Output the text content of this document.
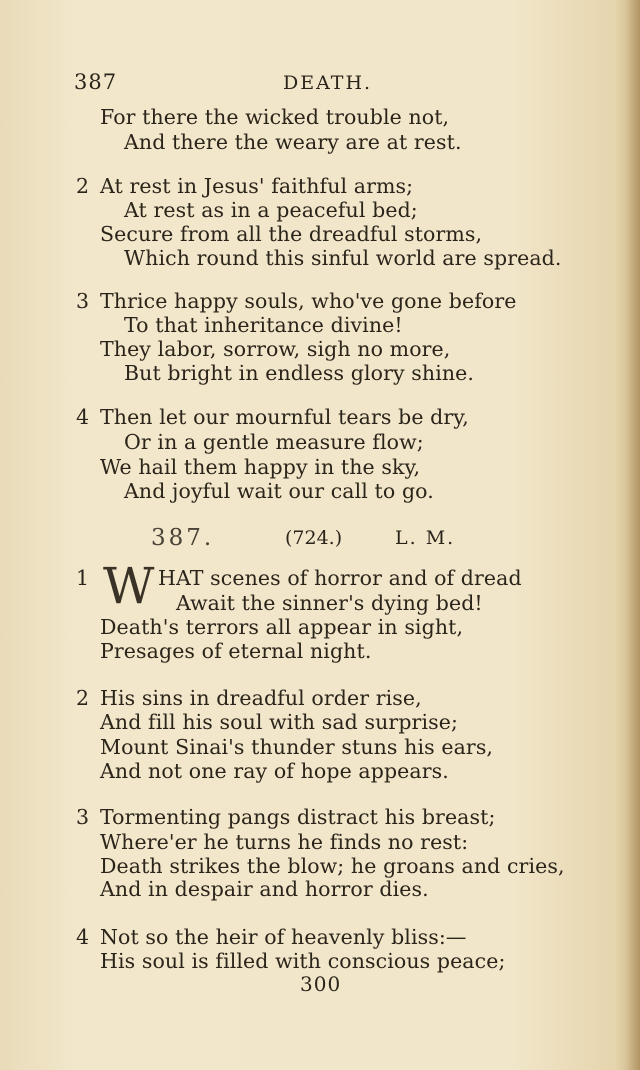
387	DEATH.
For there the wicked trouble not,
And there the weary are at rest.
2 At rest in Jesus' faithful arms;
At rest as in a peaceful bed;
Secure from all the dreadful storms,
Which round this sinful world are spread.
3 Thrice happy souls, who've gone before
To that inheritance divine!
They labor, sorrow, sigh no more,
But bright in endless glory shine.
4 Then let our mournful tears be dry,
Or in a gentle measure flow;
We hail them happy in the sky,
And joyful wait our call to go.
387.	(724.)	L. M.
1 W HAT scenes of horror and of dread
Await the sinner's dying bed!
Death's terrors all appear in sight,
Presages of eternal night.
2 His sins in dreadful order rise,
And fill his soul with sad surprise;
Mount Sinai's thunder stuns his ears,
And not one ray of hope appears.
3 Tormenting pangs distract his breast;
Where'er he turns he finds no rest:
Death strikes the blow; he groans and cries,
And in despair and horror dies.
4 Not so the heir of heavenly bliss:—
His soul is filled with conscious peace;
300
